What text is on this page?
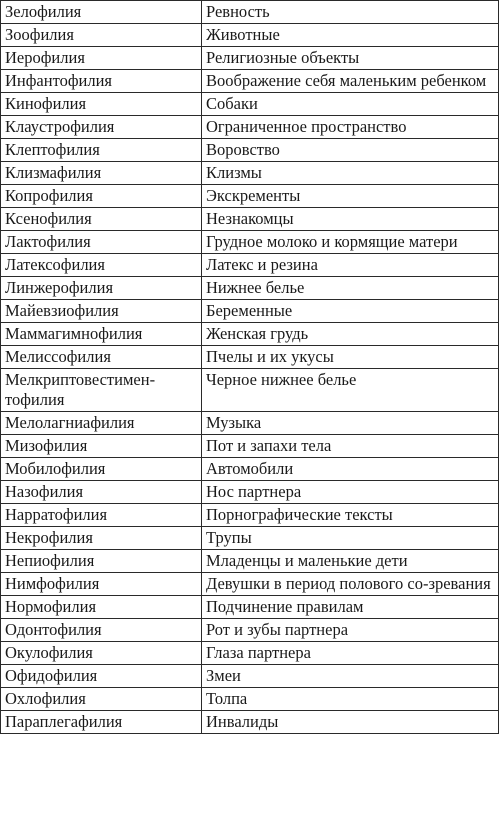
Зелофилия	Ревность
Зоофилия	Животные
Иерофилия	Религиозные объекты
Инфантофилия	Воображение себя маленьким ребенком
Кинофилия	Собаки
Клаустрофилия	Ограниченное пространство
Клептофилия	Воровство
Клизмафилия	Клизмы
Копрофилия	Экскременты
Ксенофилия	Незнакомцы
Лактофилия	Грудное молоко и кормящие матери
Латексофилия	Латекс и резина
Линжерофилия	Нижнее белье
Майевзиофилия	Беременные
Маммагимнофилия	Женская грудь
Мелиссофилия	Пчелы и их укусы
Мелкриптовестимен-тофилия	Черное нижнее белье
Мелолагниафилия	Музыка
Мизофилия	Пот и запахи тела
Мобилофилия	Автомобили
Назофилия	Нос партнера
Нарратофилия	Порнографические тексты
Некрофилия	Трупы
Непиофилия	Младенцы и маленькие дети
Нимфофилия	Девушки в период полового со-зревания
Нормофилия	Подчинение правилам
Одонтофилия	Рот и зубы партнера
Окулофилия	Глаза партнера
Офидофилия	Змеи
Охлофилия	Толпа
Параплегафилия	Инвалиды
